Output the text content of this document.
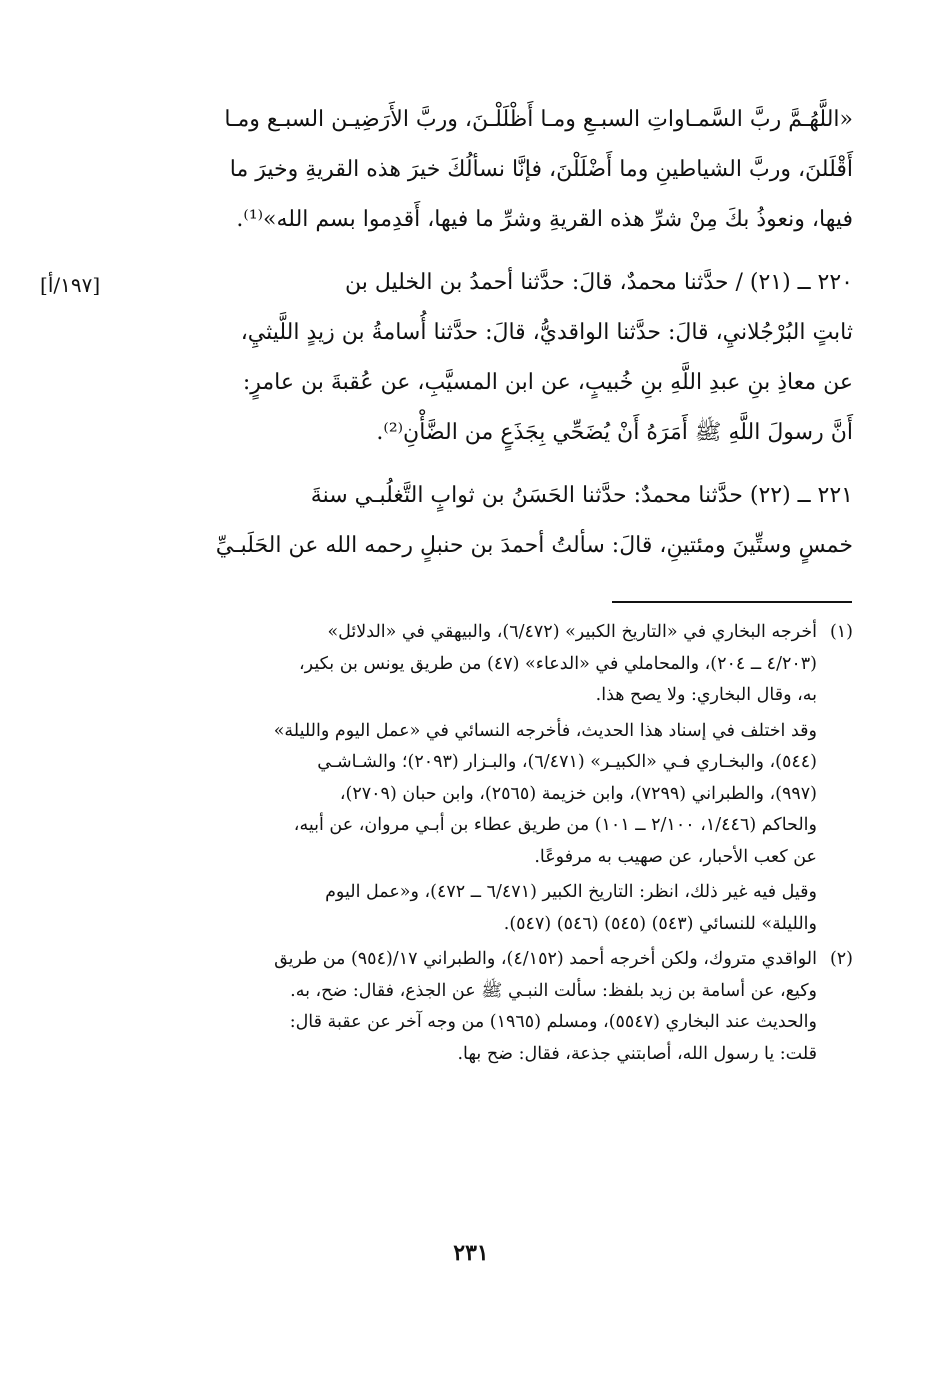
«اللَّهُـمَّ ربَّ السَّمـاواتِ السبـعِ ومـا أَظْلَلْـنَ، وربَّ الأَرَضِيـن السبـع ومـا

أَقْلَلنَ، وربَّ الشياطينِ وما أَضْلَلْنَ، فإنَّا نسألُكَ خيرَ هذه القريةِ وخيرَ ما

فيها، ونعوذُ بكَ مِنْ شرِّ هذه القريةِ وشرِّ ما فيها، أَقدِموا بسم الله»⁽¹⁾.

٢٢٠ ــ (٢١) / حدَّثنا محمدٌ، قالَ: حدَّثنا أحمدُ بن الخليل بن

ثابتٍ البُرْجُلانيِ، قالَ: حدَّثنا الواقديُّ، قالَ: حدَّثنا أُسامةُ بن زيدٍ اللَّيثيِ،

عن معاذِ بنِ عبدِ اللَّهِ بنِ خُبيبٍ، عن ابن المسيَّبِ، عن عُقبةَ بن عامرٍ:

أَنَّ رسولَ اللَّهِ ﷺ أَمَرَهُ أَنْ يُضَحِّي بِجَذَعٍ من الضَّأْنِ⁽²⁾.

٢٢١ ــ (٢٢) حدَّثنا محمدٌ: حدَّثنا الحَسَنُ بن ثوابٍ التَّغلُبـي سنةَ

خمسٍ وستِّينَ ومئتينِ، قالَ: سألتُ أحمدَ بن حنبلٍ رحمه الله عن الحَلَبـيِّ

[١٩٧/أ]
(١)

أخرجه البخاري في «التاريخ الكبير» (٦/٤٧٢)، والبيهقي في «الدلائل»

(٤/٢٠٣ ــ ٢٠٤)، والمحاملي في «الدعاء» (٤٧) من طريق يونس بن بكير،

به، وقال البخاري: ولا يصح هذا.

وقد اختلف في إسناد هذا الحديث، فأخرجه النسائي في «عمل اليوم والليلة»

(٥٤٤)، والبخـاري فـي «الكبيـر» (٦/٤٧١)، والبـزار (٢٠٩٣)؛ والشـاشـي

(٩٩٧)، والطبراني (٧٢٩٩)، وابن خزيمة (٢٥٦٥)، وابن حبان (٢٧٠٩)،

والحاكم (١/٤٤٦، ٢/١٠٠ ــ ١٠١) من طريق عطاء بن أبـي مروان، عن أبيه،

عن كعب الأحبار، عن صهيب به مرفوعًا.

وقيل فيه غير ذلك، انظر: التاريخ الكبير (٦/٤٧١ ــ ٤٧٢)، و«عمل اليوم

والليلة» للنسائي (٥٤٣) (٥٤٥) (٥٤٦) (٥٤٧).

(٢)

الواقدي متروك، ولكن أخرجه أحمد (٤/١٥٢)، والطبراني ١٧/(٩٥٤) من طريق

وكيع، عن أسامة بن زيد بلفظ: سألت النبـي ﷺ عن الجذع، فقال: ضح، به.

والحديث عند البخاري (٥٥٤٧)، ومسلم (١٩٦٥) من وجه آخر عن عقبة قال:

قلت: يا رسول الله، أصابتني جذعة، فقال: ضح بها.

٢٣١
